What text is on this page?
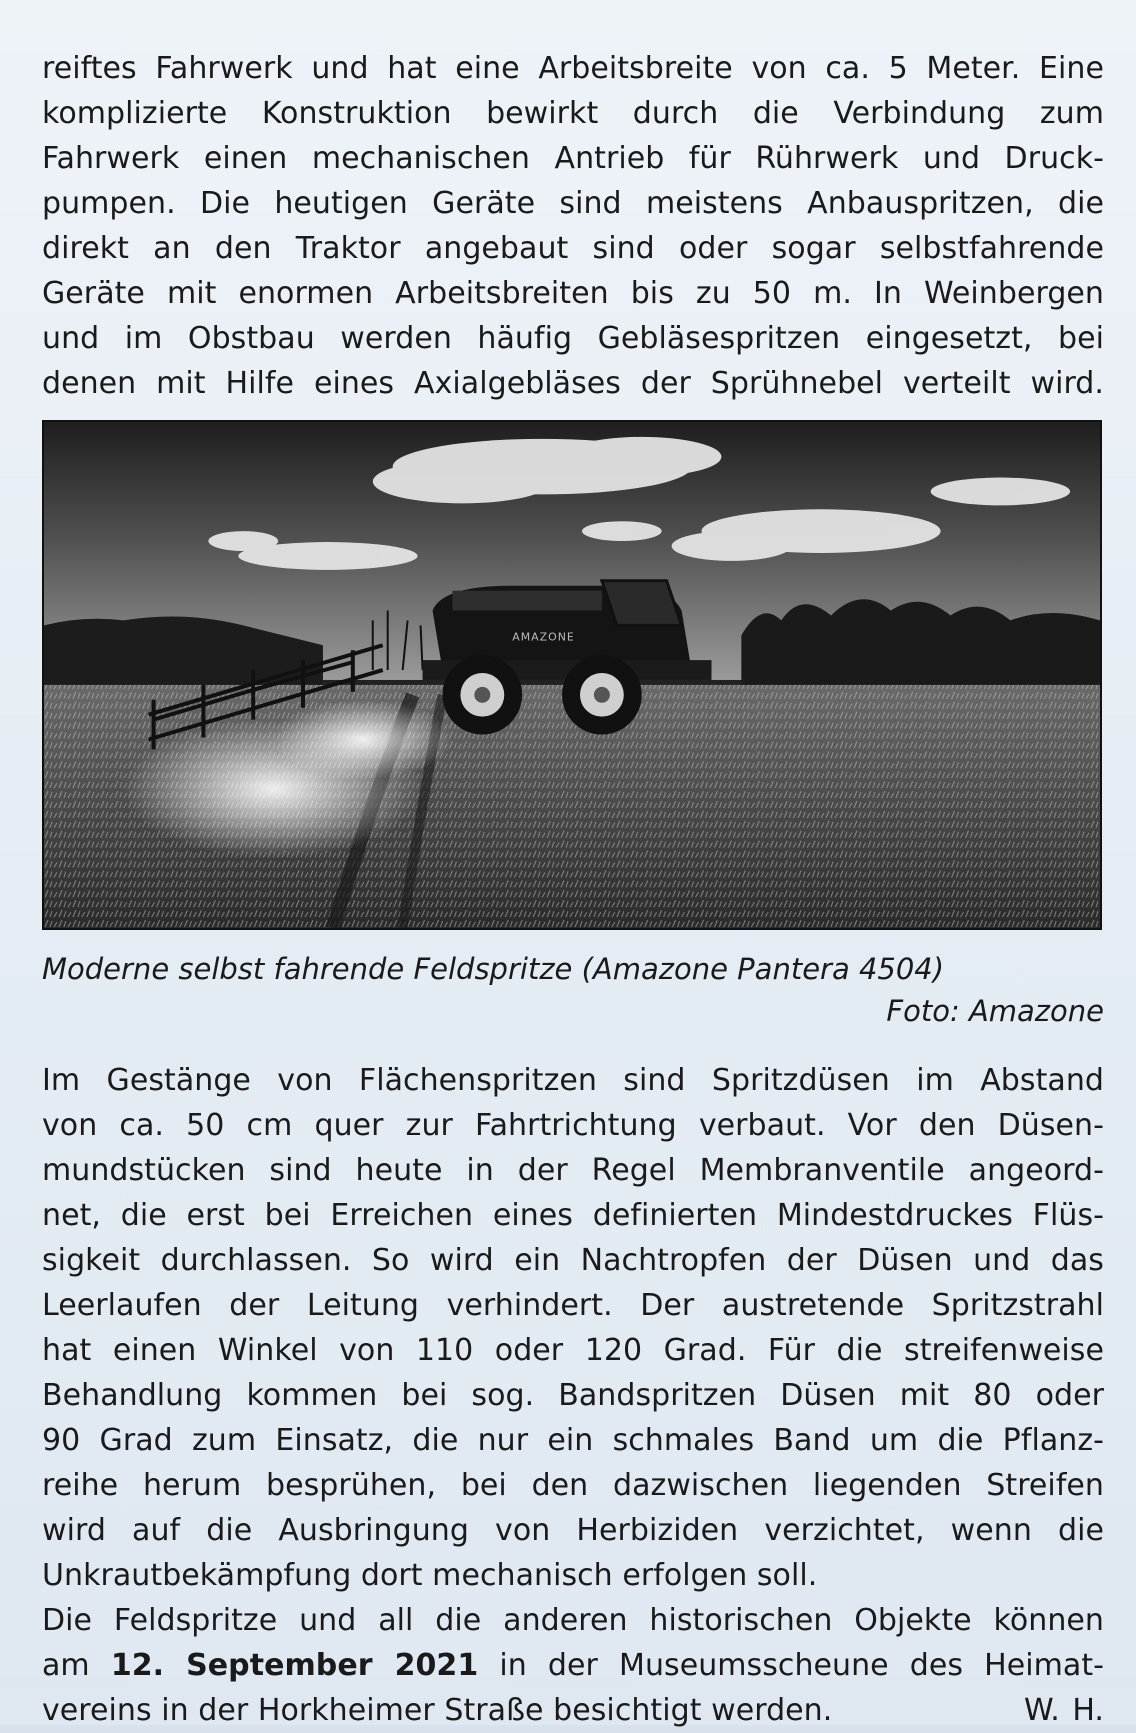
reiftes Fahrwerk und hat eine Arbeitsbreite von ca. 5 Meter. Eine
komplizierte Konstruktion bewirkt durch die Verbindung zum
Fahrwerk einen mechanischen Antrieb für Rührwerk und Druck-
pumpen. Die heutigen Geräte sind meistens Anbauspritzen, die
direkt an den Traktor angebaut sind oder sogar selbstfahrende
Geräte mit enormen Arbeitsbreiten bis zu 50 m. In Weinbergen
und im Obstbau werden häufig Gebläsespritzen eingesetzt, bei
denen mit Hilfe eines Axialgebläses der Sprühnebel verteilt wird.
AMAZONE
Moderne selbst fahrende Feldspritze (Amazone Pantera 4504)
Foto: Amazone
Im Gestänge von Flächenspritzen sind Spritzdüsen im Abstand
von ca. 50 cm quer zur Fahrtrichtung verbaut. Vor den Düsen-
mundstücken sind heute in der Regel Membranventile angeord-
net, die erst bei Erreichen eines definierten Mindestdruckes Flüs-
sigkeit durchlassen. So wird ein Nachtropfen der Düsen und das
Leerlaufen der Leitung verhindert. Der austretende Spritzstrahl
hat einen Winkel von 110 oder 120 Grad. Für die streifenweise
Behandlung kommen bei sog. Bandspritzen Düsen mit 80 oder
90 Grad zum Einsatz, die nur ein schmales Band um die Pflanz-
reihe herum besprühen, bei den dazwischen liegenden Streifen
wird auf die Ausbringung von Herbiziden verzichtet, wenn die
Unkrautbekämpfung dort mechanisch erfolgen soll.
Die Feldspritze und all die anderen historischen Objekte können
am 12. September 2021 in der Museumsscheune des Heimat-
vereins in der Horkheimer Straße besichtigt werden.	W. H.
